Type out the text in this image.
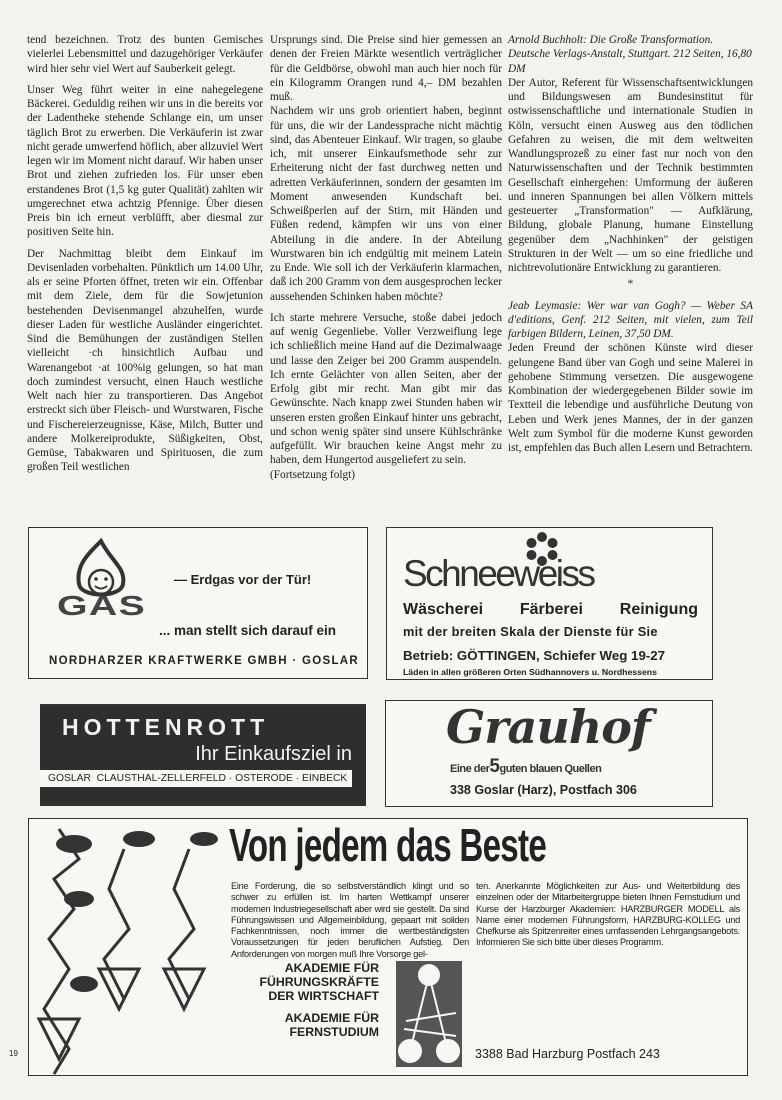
tend bezeichnen. Trotz des bunten Gemisches vielerlei Lebensmittel und dazugehöriger Verkäufer wird hier sehr viel Wert auf Sauberkeit gelegt.

Unser Weg führt weiter in eine nahegelegene Bäckerei. Geduldig reihen wir uns in die bereits vor der Ladentheke stehende Schlange ein, um unser täglich Brot zu erwerben. Die Verkäuferin ist zwar nicht gerade umwerfend höflich, aber allzuviel Wert legen wir im Moment nicht darauf. Wir haben unser Brot und ziehen zufrieden los. Für unser eben erstandenes Brot (1,5 kg guter Qualität) zahlten wir umgerechnet etwa achtzig Pfennige. Über diesen Preis bin ich erneut verblüfft, aber diesmal zur positiven Seite hin.

Der Nachmittag bleibt dem Einkauf im Devisenladen vorbehalten. Pünktlich um 14.00 Uhr, als er seine Pforten öffnet, treten wir ein. Offenbar mit dem Ziele, dem für die Sowjetunion bestehenden Devisenmangel abzuhelfen, wurde dieser Laden für westliche Ausländer eingerichtet. Sind die Bemühungen der zuständigen Stellen vielleicht ·ch hinsichtlich Aufbau und Warenangebot ·at 100%ig gelungen, so hat man doch zumindest versucht, einen Hauch westliche Welt nach hier zu transportieren. Das Angebot erstreckt sich über Fleisch- und Wurstwaren, Fische und Fischereierzeugnisse, Käse, Milch, Butter und andere Molkereiprodukte, Süßigkeiten, Obst, Gemüse, Tabakwaren und Spirituosen, die zum großen Teil westlichen

Ursprungs sind. Die Preise sind hier gemessen an denen der Freien Märkte wesentlich verträglicher für die Geldbörse, obwohl man auch hier noch für ein Kilogramm Orangen rund 4,– DM bezahlen muß.

Nachdem wir uns grob orientiert haben, beginnt für uns, die wir der Landessprache nicht mächtig sind, das Abenteuer Einkauf. Wir tragen, so glaube ich, mit unserer Einkaufsmethode sehr zur Erheiterung nicht der fast durchweg netten und adretten Verkäuferinnen, sondern der gesamten im Moment anwesenden Kundschaft bei. Schweißperlen auf der Stirn, mit Händen und Füßen redend, kämpfen wir uns von einer Abteilung in die andere. In der Abteilung Wurstwaren bin ich endgültig mit meinem Latein zu Ende. Wie soll ich der Verkäuferin klarmachen, daß ich 200 Gramm von dem ausgesprochen lecker aussehenden Schinken haben möchte?

Ich starte mehrere Versuche, stoße dabei jedoch auf wenig Gegenliebe. Voller Verzweiflung lege ich schließlich meine Hand auf die Dezimalwaage und lasse den Zeiger bei 200 Gramm auspendeln. Ich ernte Gelächter von allen Seiten, aber der Erfolg gibt mir recht. Man gibt mir das Gewünschte. Nach knapp zwei Stunden haben wir unseren ersten großen Einkauf hinter uns gebracht, und schon wenig später sind unsere Kühlschränke aufgefüllt. Wir brauchen keine Angst mehr zu haben, dem Hungertod ausgeliefert zu sein.

(Fortsetzung folgt)

Arnold Buchholt: Die Große Transformation. Deutsche Verlags-Anstalt, Stuttgart. 212 Seiten, 16,80 DM

Der Autor, Referent für Wissenschaftsentwicklungen und Bildungswesen am Bundesinstitut für ostwissenschaftliche und internationale Studien in Köln, versucht einen Ausweg aus den tödlichen Gefahren zu weisen, die mit dem weltweiten Wandlungsprozeß zu einer fast nur noch von den Naturwissenschaften und der Technik bestimmten Gesellschaft einhergehen: Umformung der äußeren und inneren Spannungen bei allen Völkern mittels gesteuerter „Transformation" — Aufklärung, Bildung, globale Planung, humane Einstellung gegenüber dem „Nachhinken" der geistigen Strukturen in der Welt — um so eine friedliche und nichtrevolutionäre Entwicklung zu garantieren.

*

Jeab Leymasie: Wer war van Gogh? — Weber SA d'editions, Genf. 212 Seiten, mit vielen, zum Teil farbigen Bildern, Leinen, 37,50 DM.

Jeden Freund der schönen Künste wird dieser gelungene Band über van Gogh und seine Malerei in gehobene Stimmung versetzen. Die ausgewogene Kombination der wiedergegebenen Bilder sowie im Textteil die lebendige und ausführliche Deutung von Leben und Werk jenes Mannes, der in der ganzen Welt zum Symbol für die moderne Kunst geworden ist, empfehlen das Buch allen Lesern und Betrachtern.

GAS
— Erdgas vor der Tür!
... man stellt sich darauf ein
NORDHARZER KRAFTWERKE GMBH · GOSLAR
Schneeweiss
Wäscherei Färberei Reinigung
mit der breiten Skala der Dienste für Sie
Betrieb: GÖTTINGEN, Schiefer Weg 19-27
Läden in allen größeren Orten Südhannovers u. Nordhessens
HOTTENROTT
Ihr Einkaufsziel in
GOSLAR  CLAUSTHAL-ZELLERFELD · OSTERODE · EINBECK
Grauhof
Eine der5guten blauen Quellen
338 Goslar (Harz), Postfach 306
Von jedem das Beste
Eine Forderung, die so selbstverständlich klingt und so schwer zu erfüllen ist. Im harten Wettkampf unserer modernen Industriegesellschaft aber wird sie gestellt. Da sind Führungswissen und Allgemeinbildung, gepaart mit soliden Fachkenntnissen, noch immer die wertbeständigsten Voraussetzungen für jeden beruflichen Aufstieg. Den Anforderungen von morgen muß Ihre Vorsorge gel-
ten. Anerkannte Möglichkeiten zur Aus- und Weiterbildung des einzelnen oder der Mitarbeitergruppe bieten Ihnen Fernstudium und Kurse der Harzburger Akademien: HARZBURGER MODELL als Name einer modernen Führungsform, HARZBURG-KOLLEG und Chefkurse als Spitzenreiter eines umfassenden Lehrgangsangebots. Informieren Sie sich bitte über dieses Programm.
AKADEMIE FÜR FÜHRUNGSKRÄFTE DER WIRTSCHAFT
AKADEMIE FÜR FERNSTUDIUM
3388 Bad Harzburg Postfach 243
19
